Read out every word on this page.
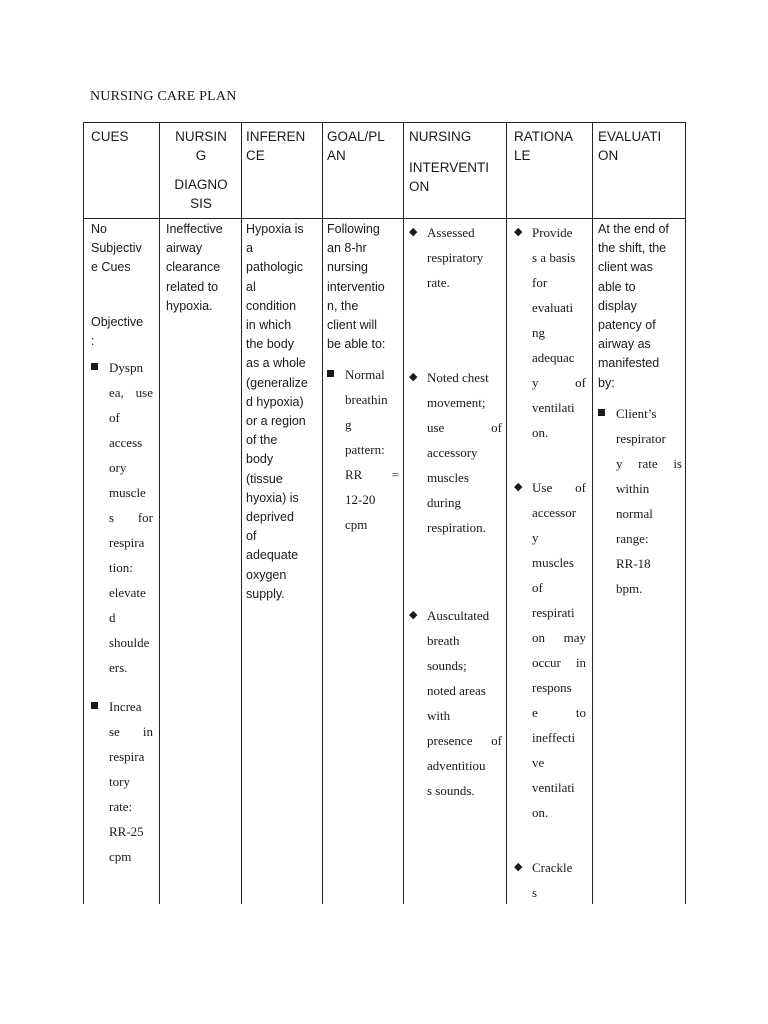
NURSING CARE PLAN
CUES	NURSIN
G
DIAGNO
SIS
INFEREN
CE
GOAL/PL
AN
NURSING
INTERVENTI
ON
RATIONA
LE
EVALUATI
ON
No
Subjectiv
e Cues
Objective
:
Dyspn
ea, use
of
access
ory
muscle
s for
respira
tion:
elevate
d
shoulde
ers.
Increa
se in
respira
tory
rate:
RR-25
cpm
Ineffective
airway
clearance
related to
hypoxia.
Hypoxia is
a
pathologic
al
condition
in which
the body
as a whole
(generalize
d hypoxia)
or a region
of the
body
(tissue
hyoxia) is
deprived
of
adequate
oxygen
supply.
Following
an 8-hr
nursing
interventio
n, the
client will
be able to:
Normal
breathin
g
pattern:
RR =
12-20
cpm
◆ Assessed
respiratory
rate.
◆ Noted chest
movement;
use of
accessory
muscles
during
respiration.
◆ Auscultated
breath
sounds;
noted areas
with
presence of
adventitiou
s sounds.
◆ Provide
s a basis
for
evaluati
ng
adequac
y of
ventilati
on.
◆ Use of
accessor
y
muscles
of
respirati
on may
occur in
respons
e to
ineffecti
ve
ventilati
on.
◆ Crackle
s
At the end of
the shift, the
client was
able to
display
patency of
airway as
manifested
by:
Client’s
respirator
y rate is
within
normal
range:
RR-18
bpm.
